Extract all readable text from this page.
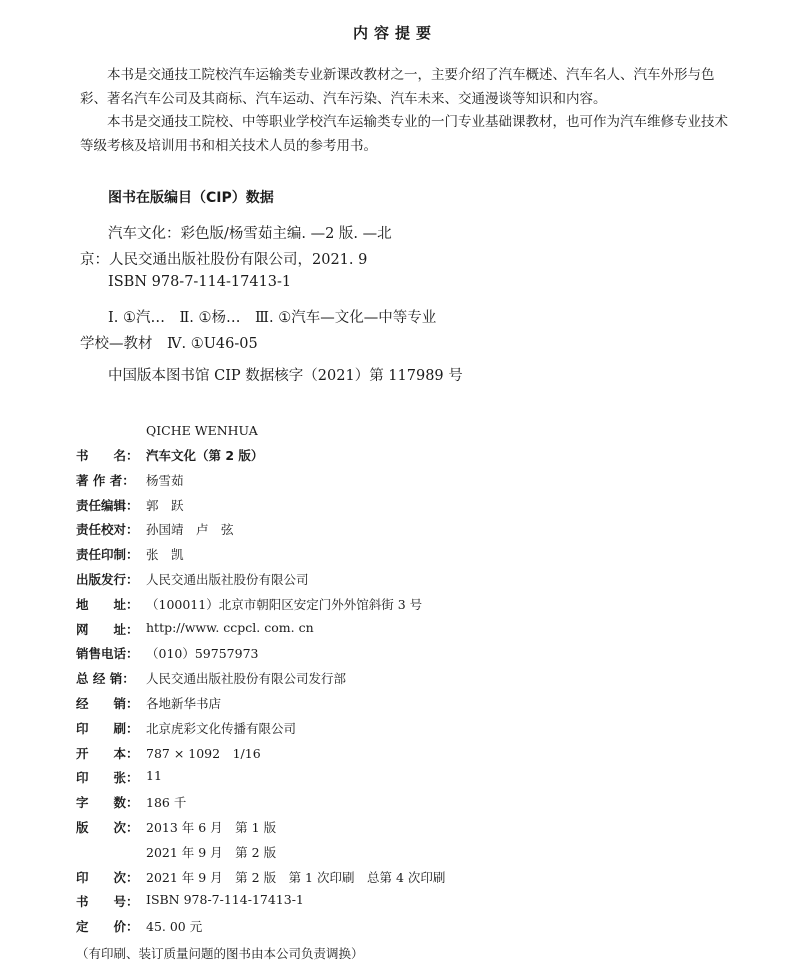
内容提要
本书是交通技工院校汽车运输类专业新课改教材之一，主要介绍了汽车概述、汽车名人、汽车外形与色彩、著名汽车公司及其商标、汽车运动、汽车污染、汽车未来、交通漫谈等知识和内容。
本书是交通技工院校、中等职业学校汽车运输类专业的一门专业基础课教材，也可作为汽车维修专业技术等级考核及培训用书和相关技术人员的参考用书。
图书在版编目（CIP）数据
汽车文化：彩色版/杨雪茹主编. —2 版. —北
京：人民交通出版社股份有限公司，2021. 9
ISBN 978-7-114-17413-1
Ⅰ. ①汽…　Ⅱ. ①杨…　Ⅲ. ①汽车—文化—中等专业
学校—教材　Ⅳ. ①U46-05
中国版本图书馆 CIP 数据核字（2021）第 117989 号
QICHE WENHUA
书　　名： 汽车文化（第 2 版）
著 作 者： 杨雪茹
责任编辑： 郭　跃
责任校对： 孙国靖　卢　弦
责任印制： 张　凯
出版发行： 人民交通出版社股份有限公司
地　　址： （100011）北京市朝阳区安定门外外馆斜街 3 号
网　　址： http://www. ccpcl. com. cn
销售电话： （010）59757973
总 经 销： 人民交通出版社股份有限公司发行部
经　　销： 各地新华书店
印　　刷： 北京虎彩文化传播有限公司
开　　本： 787 × 1092　1/16
印　　张： 11
字　　数： 186 千
版　　次： 2013 年 6 月　第 1 版
2021 年 9 月　第 2 版
印　　次： 2021 年 9 月　第 2 版　第 1 次印刷　总第 4 次印刷
书　　号： ISBN 978-7-114-17413-1
定　　价： 45. 00 元
（有印刷、装订质量问题的图书由本公司负责调换）
